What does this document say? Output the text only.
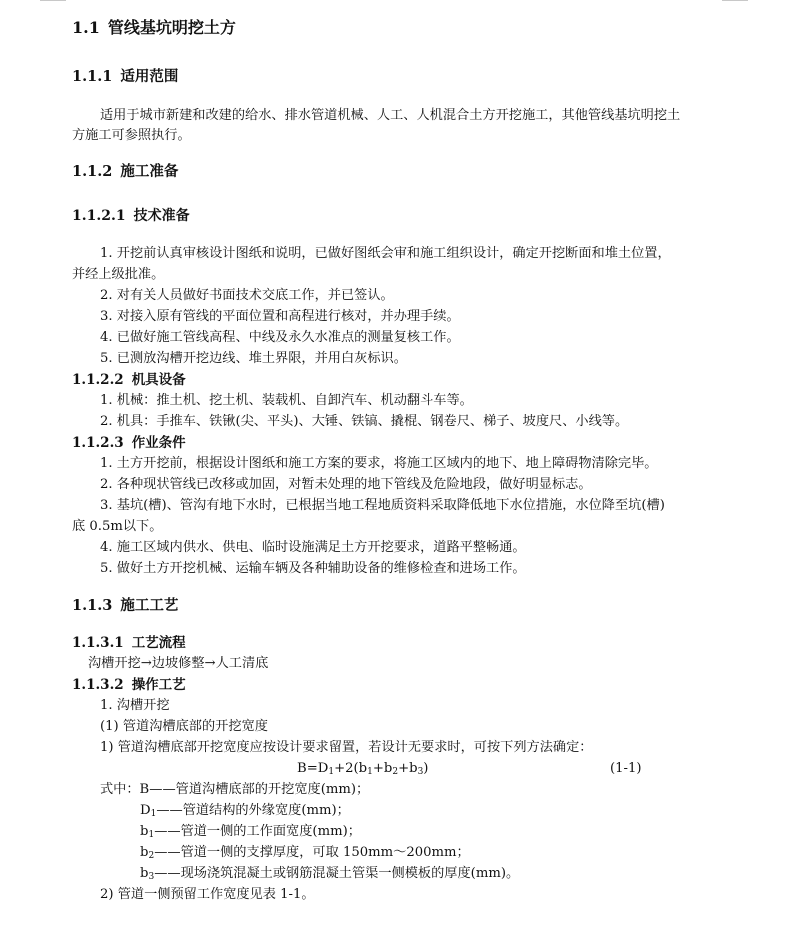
1.1 管线基坑明挖土方
1.1.1 适用范围
适用于城市新建和改建的给水、排水管道机械、人工、人机混合土方开挖施工，其他管线基坑明挖土
方施工可参照执行。
1.1.2 施工准备
1.1.2.1 技术准备
1. 开挖前认真审核设计图纸和说明，已做好图纸会审和施工组织设计，确定开挖断面和堆土位置，
并经上级批准。
2. 对有关人员做好书面技术交底工作，并已签认。
3. 对接入原有管线的平面位置和高程进行核对，并办理手续。
4. 已做好施工管线高程、中线及永久水准点的测量复核工作。
5. 已测放沟槽开挖边线、堆土界限，并用白灰标识。
1.1.2.2 机具设备
1. 机械：推土机、挖土机、装载机、自卸汽车、机动翻斗车等。
2. 机具：手推车、铁锹(尖、平头)、大锤、铁镐、撬棍、钢卷尺、梯子、坡度尺、小线等。
1.1.2.3 作业条件
1. 土方开挖前，根据设计图纸和施工方案的要求，将施工区域内的地下、地上障碍物清除完毕。
2. 各种现状管线已改移或加固，对暂未处理的地下管线及危险地段，做好明显标志。
3. 基坑(槽)、管沟有地下水时，已根据当地工程地质资料采取降低地下水位措施，水位降至坑(槽)
底 0.5m以下。
4. 施工区域内供水、供电、临时设施满足土方开挖要求，道路平整畅通。
5. 做好土方开挖机械、运输车辆及各种辅助设备的维修检查和进场工作。
1.1.3 施工工艺
1.1.3.1 工艺流程
沟槽开挖→边坡修整→人工清底
1.1.3.2 操作工艺
1. 沟槽开挖
(1) 管道沟槽底部的开挖宽度
1) 管道沟槽底部开挖宽度应按设计要求留置，若设计无要求时，可按下列方法确定：
$B=D_1+2(b_1+b_2+b_3)$	(1-1)
式中：B——管道沟槽底部的开挖宽度(mm)；
$D_1——$管道结构的外缘宽度(mm)；
$b_1——$管道一侧的工作面宽度(mm)；
$b_2——$管道一侧的支撑厚度，可取 150mm～200mm；
$b_3——$现场浇筑混凝土或钢筋混凝土管渠一侧模板的厚度(mm)。
2) 管道一侧预留工作宽度见表 1-1。
